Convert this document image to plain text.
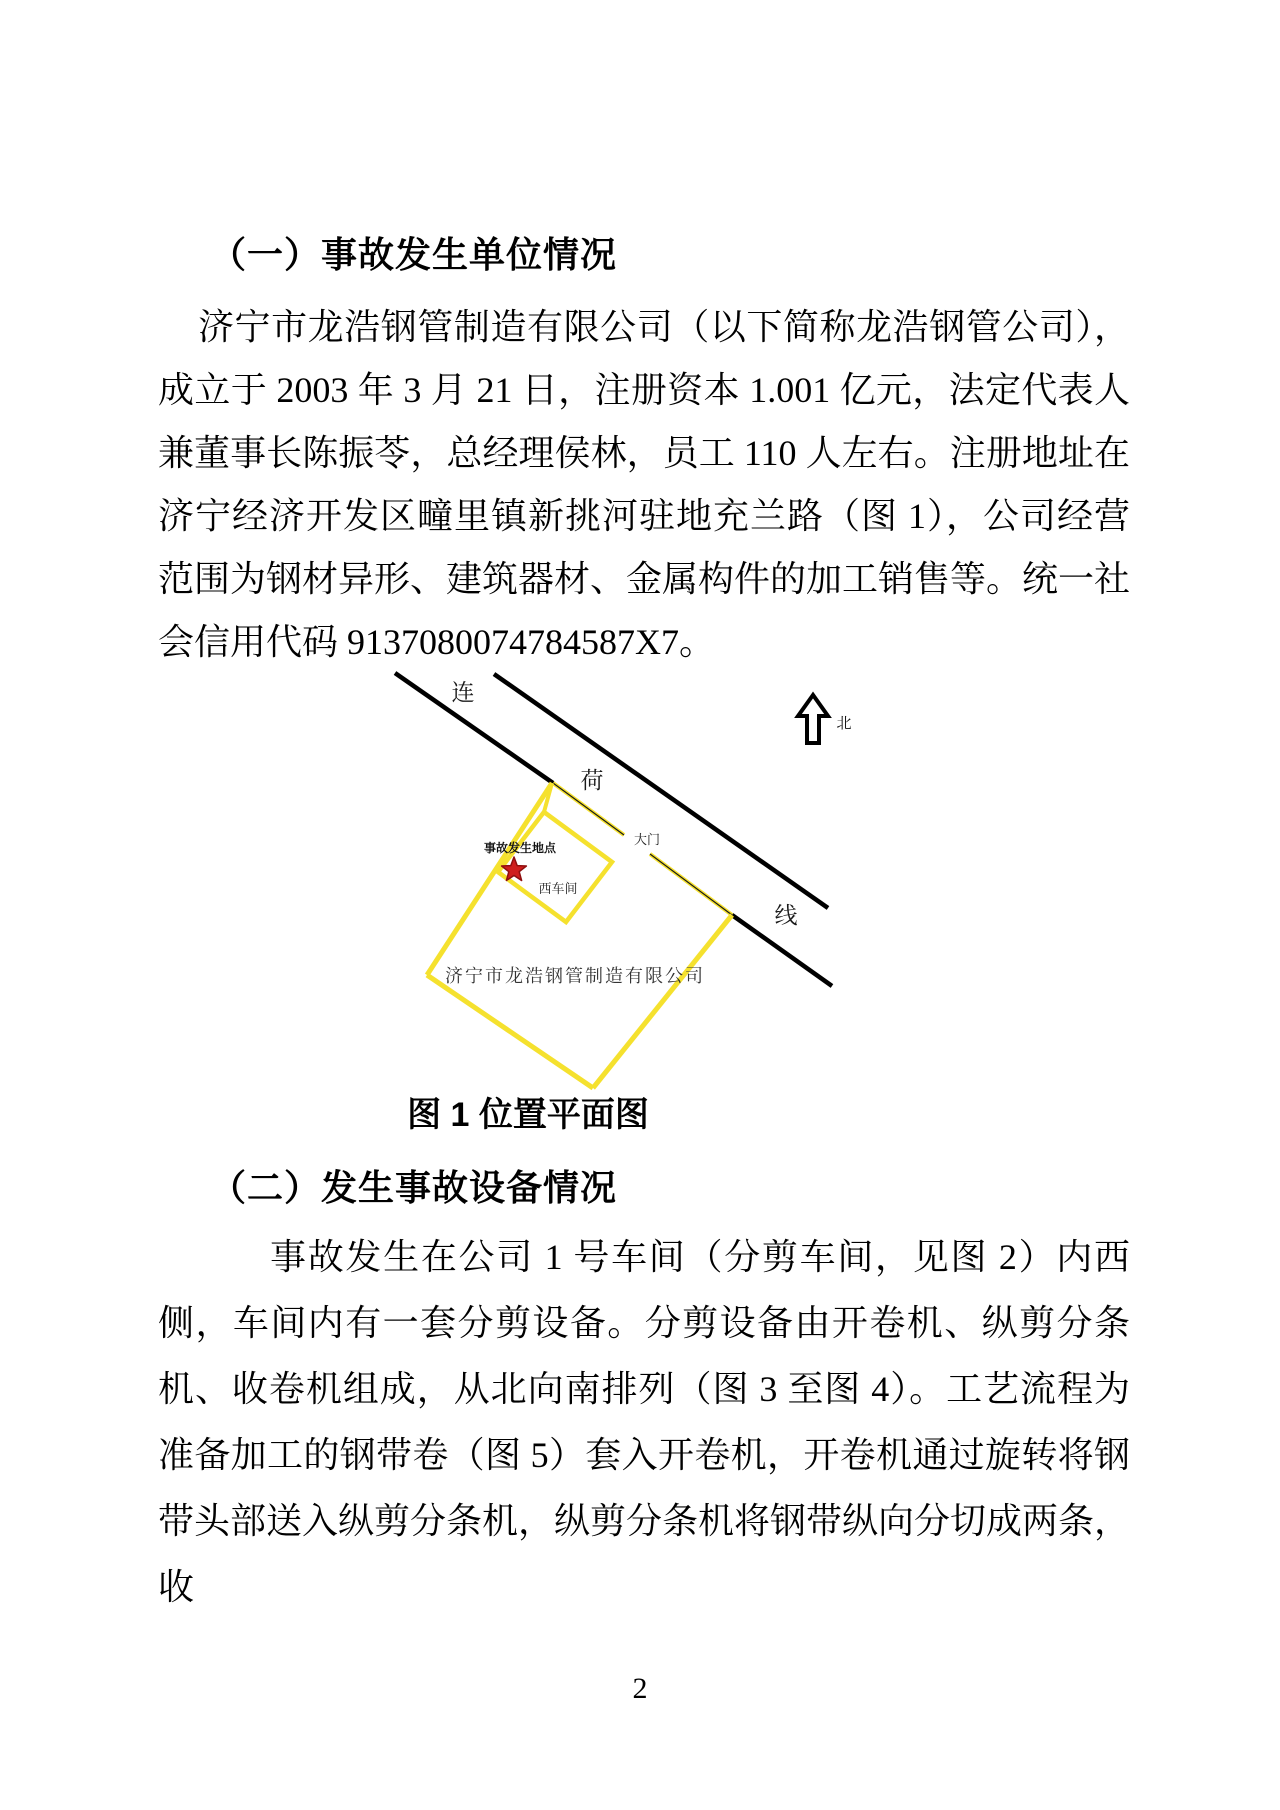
（一）事故发生单位情况
济宁市龙浩钢管制造有限公司（以下简称龙浩钢管公司），成立于 2003 年 3 月 21 日，注册资本 1.001 亿元，法定代表人兼董事长陈振苓，总经理侯林，员工 110 人左右。注册地址在济宁经济开发区疃里镇新挑河驻地充兰路（图 1），公司经营范围为钢材异形、建筑器材、金属构件的加工销售等。统一社会信用代码 9137080074784587X7。
连
荷
线
大门
事故发生地点
西车间
济宁市龙浩钢管制造有限公司
北
图 1 位置平面图
（二）发生事故设备情况
事故发生在公司 1 号车间（分剪车间，见图 2）内西侧，车间内有一套分剪设备。分剪设备由开卷机、纵剪分条机、收卷机组成，从北向南排列（图 3 至图 4）。工艺流程为准备加工的钢带卷（图 5）套入开卷机，开卷机通过旋转将钢带头部送入纵剪分条机，纵剪分条机将钢带纵向分切成两条，收
2
